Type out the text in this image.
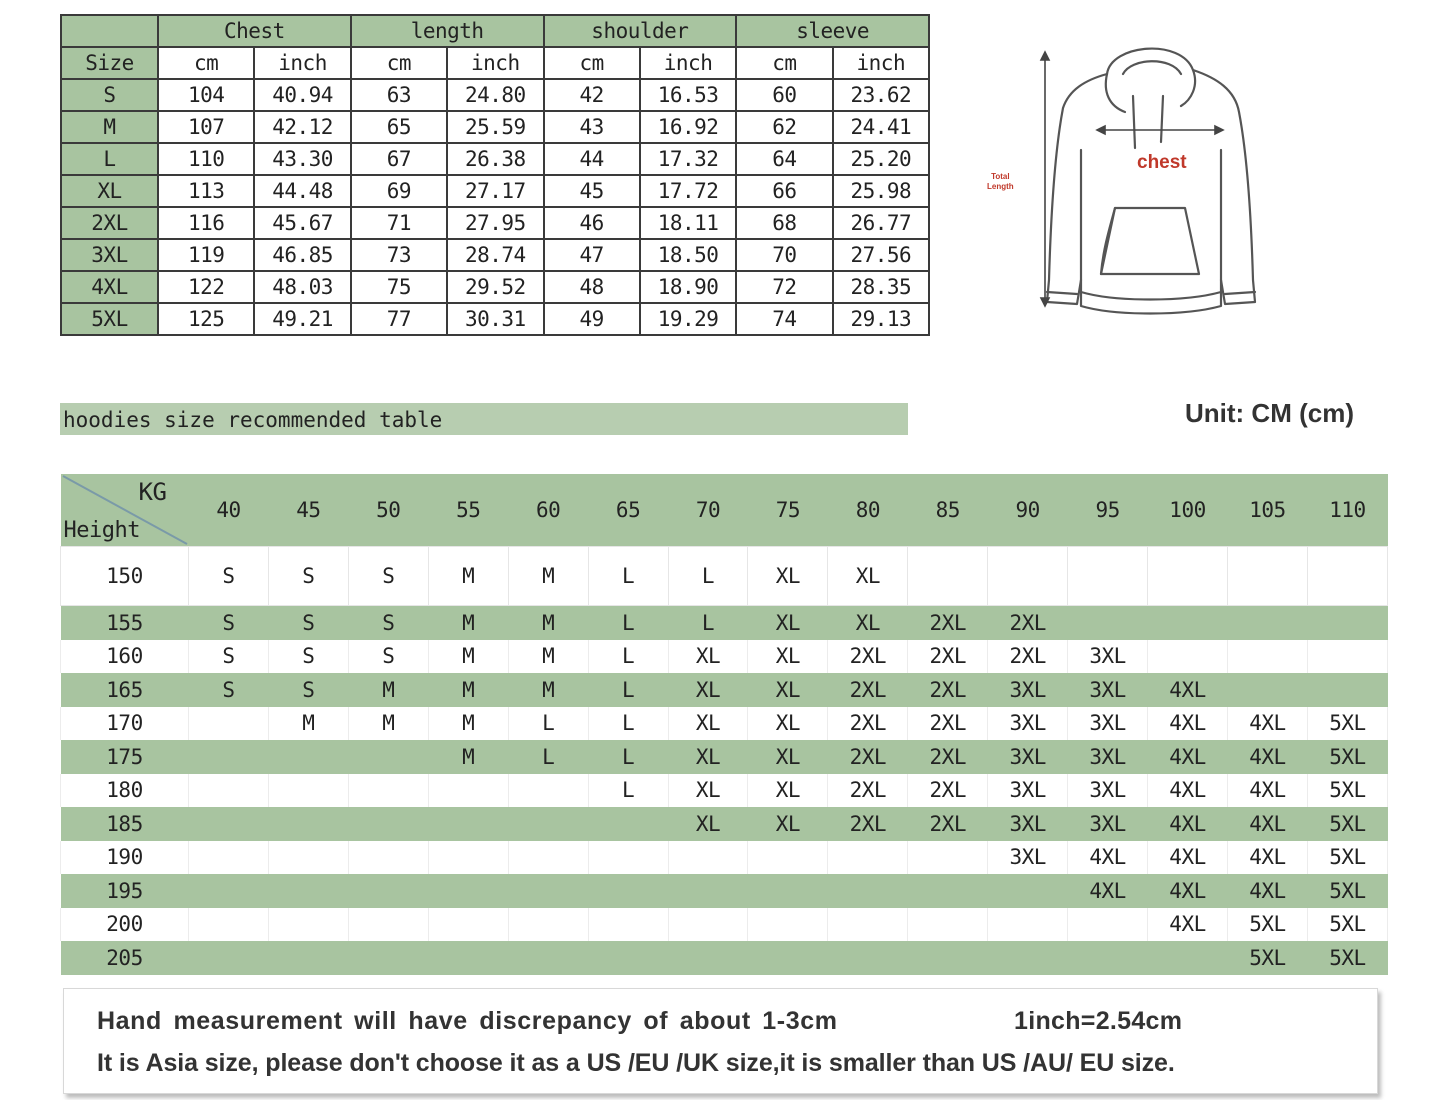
	Chest		length		shoulder		sleeve	
Size	cm	inch	cm	inch	cm	inch	cm	inch
S	104	40.94	63	24.80	42	16.53	60	23.62
M	107	42.12	65	25.59	43	16.92	62	24.41
L	110	43.30	67	26.38	44	17.32	64	25.20
XL	113	44.48	69	27.17	45	17.72	66	25.98
2XL	116	45.67	71	27.95	46	18.11	68	26.77
3XL	119	46.85	73	28.74	47	18.50	70	27.56
4XL	122	48.03	75	29.52	48	18.90	72	28.35
5XL	125	49.21	77	30.31	49	19.29	74	29.13
chest
Total
Length
hoodies size recommended table	Unit: CM (cm)
KG
Height	40	45	50	55	60	65	70	75	80	85	90	95	100	105	110
150	S	S	S	M	M	L	L	XL	XL						
155	S	S	S	M	M	L	L	XL	XL	2XL	2XL				
160	S	S	S	M	M	L	XL	XL	2XL	2XL	2XL	3XL			
165	S	S	M	M	M	L	XL	XL	2XL	2XL	3XL	3XL	4XL		
170		M	M	M	L	L	XL	XL	2XL	2XL	3XL	3XL	4XL	4XL	5XL
175				M	L	L	XL	XL	2XL	2XL	3XL	3XL	4XL	4XL	5XL
180						L	XL	XL	2XL	2XL	3XL	3XL	4XL	4XL	5XL
185							XL	XL	2XL	2XL	3XL	3XL	4XL	4XL	5XL
190											3XL	4XL	4XL	4XL	5XL
195												4XL	4XL	4XL	5XL
200													4XL	5XL	5XL
205														5XL	5XL
Hand measurement will have discrepancy of about 1-3cm	1inch=2.54cm
It is Asia size, please don't choose it as a US /EU /UK size,it is smaller than US /AU/ EU size.
